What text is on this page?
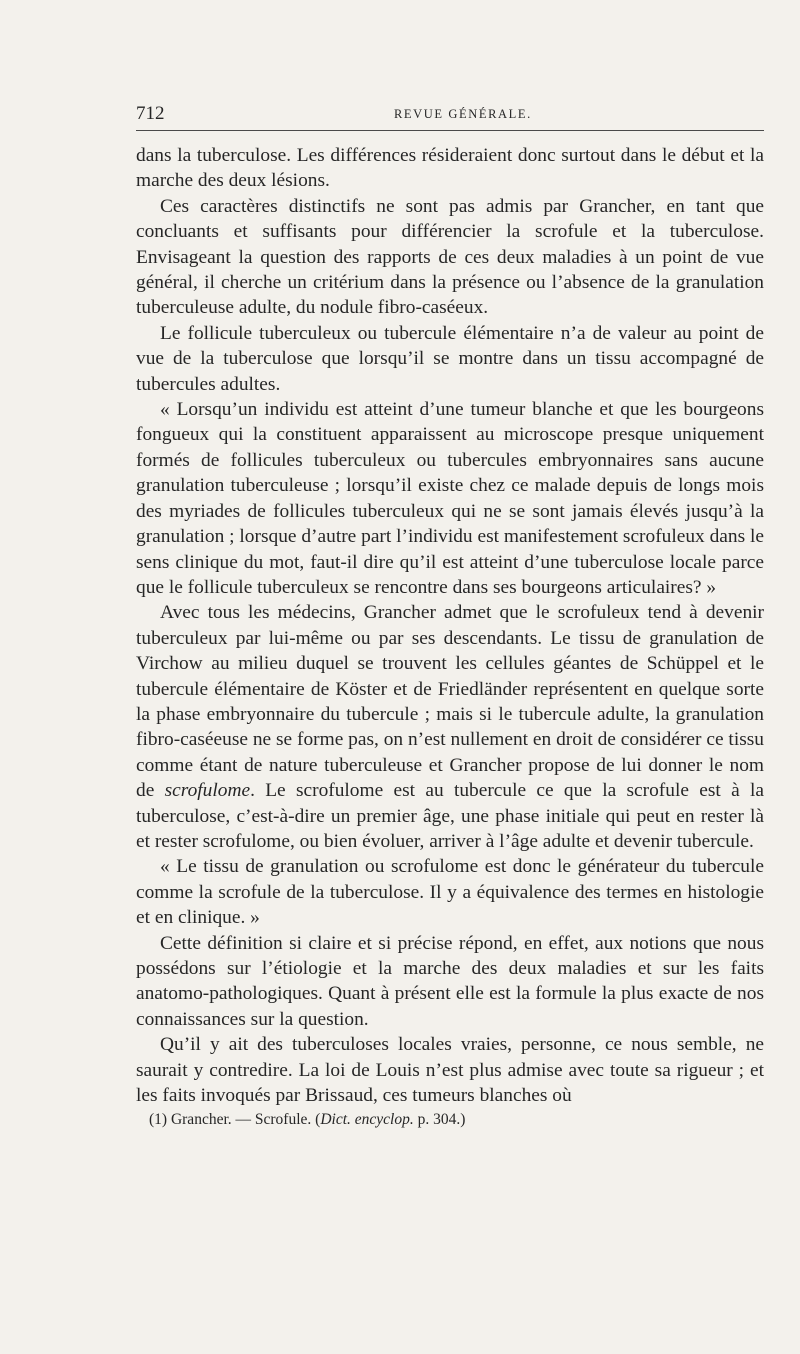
712	REVUE GÉNÉRALE.

dans la tuberculose. Les différences résideraient donc surtout dans le début et la marche des deux lésions.

Ces caractères distinctifs ne sont pas admis par Grancher, en tant que concluants et suffisants pour différencier la scrofule et la tuberculose. Envisageant la question des rapports de ces deux maladies à un point de vue général, il cherche un critérium dans la présence ou l’absence de la granulation tuberculeuse adulte, du nodule fibro-caséeux.

Le follicule tuberculeux ou tubercule élémentaire n’a de valeur au point de vue de la tuberculose que lorsqu’il se montre dans un tissu accompagné de tubercules adultes.

« Lorsqu’un individu est atteint d’une tumeur blanche et que les bourgeons fongueux qui la constituent apparaissent au microscope presque uniquement formés de follicules tuberculeux ou tubercules embryonnaires sans aucune granulation tuberculeuse ; lorsqu’il existe chez ce malade depuis de longs mois des myriades de follicules tuberculeux qui ne se sont jamais élevés jusqu’à la granulation ; lorsque d’autre part l’individu est manifestement scrofuleux dans le sens clinique du mot, faut-il dire qu’il est atteint d’une tuberculose locale parce que le follicule tuberculeux se rencontre dans ses bourgeons articulaires? »

Avec tous les médecins, Grancher admet que le scrofuleux tend à devenir tuberculeux par lui-même ou par ses descendants. Le tissu de granulation de Virchow au milieu duquel se trouvent les cellules géantes de Schüppel et le tubercule élémentaire de Köster et de Friedländer représentent en quelque sorte la phase embryonnaire du tubercule ; mais si le tubercule adulte, la granulation fibro-caséeuse ne se forme pas, on n’est nullement en droit de considérer ce tissu comme étant de nature tuberculeuse et Grancher propose de lui donner le nom de scrofulome. Le scrofulome est au tubercule ce que la scrofule est à la tuberculose, c’est-à-dire un premier âge, une phase initiale qui peut en rester là et rester scrofulome, ou bien évoluer, arriver à l’âge adulte et devenir tubercule.

« Le tissu de granulation ou scrofulome est donc le générateur du tubercule comme la scrofule de la tuberculose. Il y a équivalence des termes en histologie et en clinique. »

Cette définition si claire et si précise répond, en effet, aux notions que nous possédons sur l’étiologie et la marche des deux maladies et sur les faits anatomo-pathologiques. Quant à présent elle est la formule la plus exacte de nos connaissances sur la question.

Qu’il y ait des tuberculoses locales vraies, personne, ce nous semble, ne saurait y contredire. La loi de Louis n’est plus admise avec toute sa rigueur ; et les faits invoqués par Brissaud, ces tumeurs blanches où

(1) Grancher. — Scrofule. (Dict. encyclop. p. 304.)
